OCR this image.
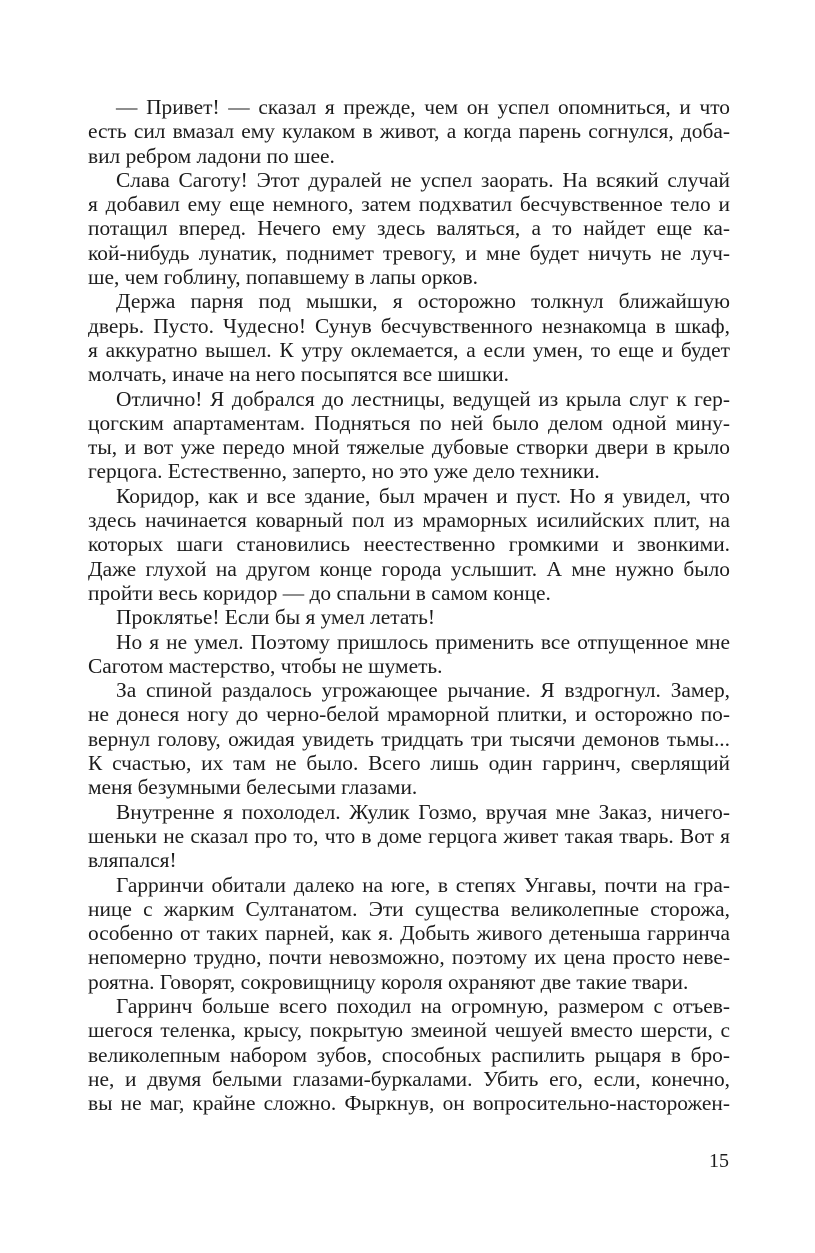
— Привет! — сказал я прежде, чем он успел опомниться, и что
есть сил вмазал ему кулаком в живот, а когда парень согнулся, доба-
вил ребром ладони по шее.
Слава Саготу! Этот дуралей не успел заорать. На всякий случай
я добавил ему еще немного, затем подхватил бесчувственное тело и
потащил вперед. Нечего ему здесь валяться, а то найдет еще ка-
кой-нибудь лунатик, поднимет тревогу, и мне будет ничуть не луч-
ше, чем гоблину, попавшему в лапы орков.
Держа парня под мышки, я осторожно толкнул ближайшую
дверь. Пусто. Чудесно! Сунув бесчувственного незнакомца в шкаф,
я аккуратно вышел. К утру оклемается, а если умен, то еще и будет
молчать, иначе на него посыпятся все шишки.
Отлично! Я добрался до лестницы, ведущей из крыла слуг к гер-
цогским апартаментам. Подняться по ней было делом одной мину-
ты, и вот уже передо мной тяжелые дубовые створки двери в крыло
герцога. Естественно, заперто, но это уже дело техники.
Коридор, как и все здание, был мрачен и пуст. Но я увидел, что
здесь начинается коварный пол из мраморных исилийских плит, на
которых шаги становились неестественно громкими и звонкими.
Даже глухой на другом конце города услышит. А мне нужно было
пройти весь коридор — до спальни в самом конце.
Проклятье! Если бы я умел летать!
Но я не умел. Поэтому пришлось применить все отпущенное мне
Саготом мастерство, чтобы не шуметь.
За спиной раздалось угрожающее рычание. Я вздрогнул. Замер,
не донеся ногу до черно-белой мраморной плитки, и осторожно по-
вернул голову, ожидая увидеть тридцать три тысячи демонов тьмы...
К счастью, их там не было. Всего лишь один гарринч, сверлящий
меня безумными белесыми глазами.
Внутренне я похолодел. Жулик Гозмо, вручая мне Заказ, ничего-
шеньки не сказал про то, что в доме герцога живет такая тварь. Вот я
вляпался!
Гарринчи обитали далеко на юге, в степях Унгавы, почти на гра-
нице с жарким Султанатом. Эти существа великолепные сторожа,
особенно от таких парней, как я. Добыть живого детеныша гарринча
непомерно трудно, почти невозможно, поэтому их цена просто неве-
роятна. Говорят, сокровищницу короля охраняют две такие твари.
Гарринч больше всего походил на огромную, размером с отъев-
шегося теленка, крысу, покрытую змеиной чешуей вместо шерсти, с
великолепным набором зубов, способных распилить рыцаря в бро-
не, и двумя белыми глазами-буркалами. Убить его, если, конечно,
вы не маг, крайне сложно. Фыркнув, он вопросительно-насторожен-
15
